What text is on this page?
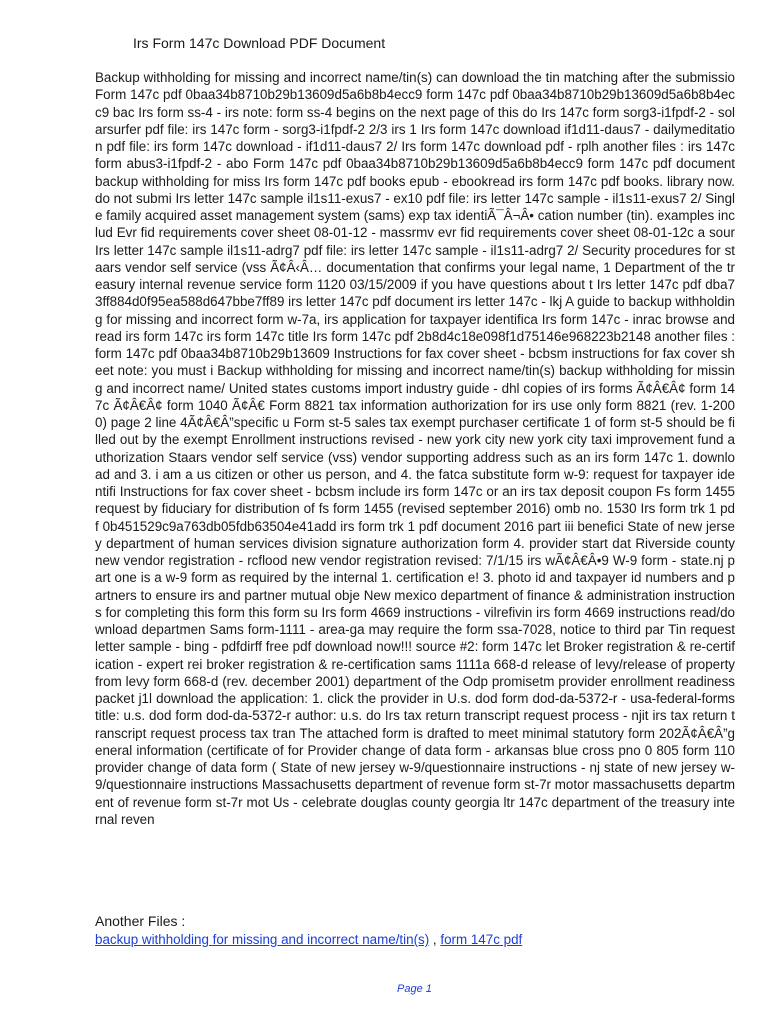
Irs Form 147c Download PDF Document
Backup withholding for missing and incorrect name/tin(s) can download the tin matching after the submissio Form 147c pdf 0baa34b8710b29b13609d5a6b8b4ecc9 form 147c pdf 0baa34b8710b29b13609d5a6b8b4ecc9 bac Irs form ss-4 - irs note: form ss-4 begins on the next page of this do Irs 147c form sorg3-i1fpdf-2 - solarsurfer pdf file: irs 147c form - sorg3-i1fpdf-2 2/3 irs 1 Irs form 147c download if1d11-daus7 - dailymeditation pdf file: irs form 147c download - if1d11-daus7 2/ Irs form 147c download pdf - rplh another files : irs 147c form abus3-i1fpdf-2 - abo Form 147c pdf 0baa34b8710b29b13609d5a6b8b4ecc9 form 147c pdf document backup withholding for miss Irs form 147c pdf books epub - ebookread irs form 147c pdf books. library now. do not submi Irs letter 147c sample il1s11-exus7 - ex10 pdf file: irs letter 147c sample - il1s11-exus7 2/ Single family acquired asset management system (sams) exp tax identiÃ¯Â¬Â• cation number (tin). examples includ Evr fid requirements cover sheet 08-01-12 - massrmv evr fid requirements cover sheet 08-01-12c a sour Irs letter 147c sample il1s11-adrg7 pdf file: irs letter 147c sample - il1s11-adrg7 2/ Security procedures for staars vendor self service (vss Ã¢Â‹Â… documentation that confirms your legal name, 1 Department of the treasury internal revenue service form 1120 03/15/2009 if you have questions about t Irs letter 147c pdf dba73ff884d0f95ea588d647bbe7ff89 irs letter 147c pdf document irs letter 147c - lkj A guide to backup withholding for missing and incorrect form w-7a, irs application for taxpayer identifica Irs form 147c - inrac browse and read irs form 147c irs form 147c title Irs form 147c pdf 2b8d4c18e098f1d75146e968223b2148 another files : form 147c pdf 0baa34b8710b29b13609 Instructions for fax cover sheet - bcbsm instructions for fax cover sheet note: you must i Backup withholding for missing and incorrect name/tin(s) backup withholding for missing and incorrect name/ United states customs import industry guide - dhl copies of irs forms Ã¢Â€Â¢ form 147c Ã¢Â€Â¢ form 1040 Ã¢Â€ Form 8821 tax information authorization for irs use only form 8821 (rev. 1-2000) page 2 line 4Ã¢Â€Â”specific u Form st-5 sales tax exempt purchaser certificate 1 of form st-5 should be filled out by the exempt Enrollment instructions revised - new york city new york city taxi improvement fund authorization Staars vendor self service (vss) vendor supporting address such as an irs form 147c 1. download and 3. i am a us citizen or other us person, and 4. the fatca substitute form w-9: request for taxpayer identifi Instructions for fax cover sheet - bcbsm include irs form 147c or an irs tax deposit coupon Fs form 1455 request by fiduciary for distribution of fs form 1455 (revised september 2016) omb no. 1530 Irs form trk 1 pdf 0b451529c9a763db05fdb63504e41add irs form trk 1 pdf document 2016 part iii benefici State of new jersey department of human services division signature authorization form 4. provider start dat Riverside county new vendor registration - rcflood new vendor registration revised: 7/1/15 irs wÃ¢Â€Â•9 W-9 form - state.nj part one is a w-9 form as required by the internal 1. certification e! 3. photo id and taxpayer id numbers and partners to ensure irs and partner mutual obje New mexico department of finance & administration instructions for completing this form this form su Irs form 4669 instructions - vilrefivin irs form 4669 instructions read/download departmen Sams form-1111 - area-ga may require the form ssa-7028, notice to third par Tin request letter sample - bing - pdfdirff free pdf download now!!! source #2: form 147c let Broker registration & re-certification - expert rei broker registration & re-certification sams 1111a 668-d release of levy/release of property from levy form 668-d (rev. december 2001) department of the Odp promisetm provider enrollment readiness packet j1l download the application: 1. click the provider in U.s. dod form dod-da-5372-r - usa-federal-forms title: u.s. dod form dod-da-5372-r author: u.s. do Irs tax return transcript request process - njit irs tax return transcript request process tax tran The attached form is drafted to meet minimal statutory form 202Ã¢Â€Â”general information (certificate of for Provider change of data form - arkansas blue cross pno 0 805 form 110 provider change of data form ( State of new jersey w-9/questionnaire instructions - nj state of new jersey w-9/questionnaire instructions Massachusetts department of revenue form st-7r motor massachusetts department of revenue form st-7r mot Us - celebrate douglas county georgia ltr 147c department of the treasury internal reven
Another Files :
backup withholding for missing and incorrect name/tin(s) , form 147c pdf
Page 1
